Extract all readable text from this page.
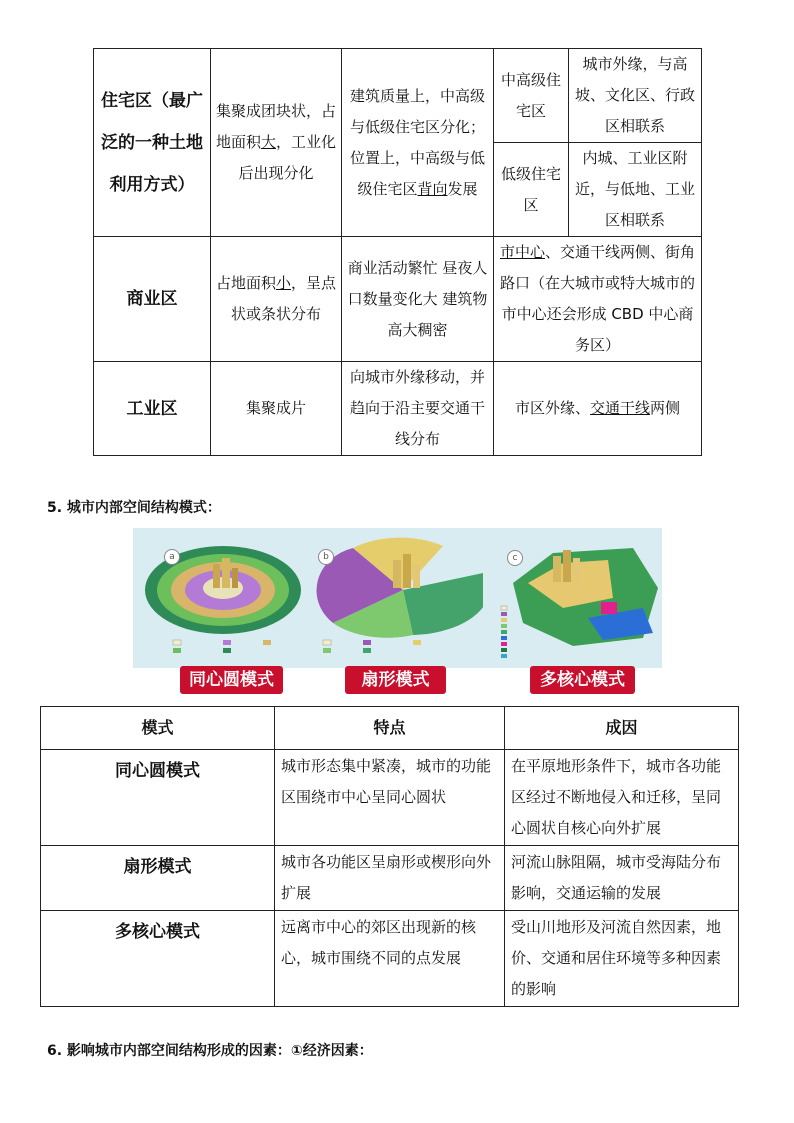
住宅区（最广泛的一种土地利用方式）	集聚成团块状，占地面积大，工业化后出现分化	建筑质量上，中高级与低级住宅区分化；位置上，中高级与低级住宅区背向发展	中高级住宅区	城市外缘，与高坡、文化区、行政区相联系
			低级住宅区	内城、工业区附近，与低地、工业区相联系
商业区	占地面积小，呈点状或条状分布	商业活动繁忙 昼夜人口数量变化大 建筑物高大稠密	市中心、交通干线两侧、街角路口（在大城市或特大城市的市中心还会形成 CBD 中心商务区）	
工业区	集聚成片	向城市外缘移动，并趋向于沿主要交通干线分布	市区外缘、交通干线两侧	
5. 城市内部空间结构模式：
a	b	c
同心圆模式	扇形模式	多核心模式
模式	特点	成因
同心圆模式	城市形态集中紧凑，城市的功能区围绕市中心呈同心圆状	在平原地形条件下，城市各功能区经过不断地侵入和迁移，呈同心圆状自核心向外扩展
扇形模式	城市各功能区呈扇形或楔形向外扩展	河流山脉阻隔，城市受海陆分布影响，交通运输的发展
多核心模式	远离市中心的郊区出现新的核心，城市围绕不同的点发展	受山川地形及河流自然因素，地价、交通和居住环境等多种因素的影响
6. 影响城市内部空间结构形成的因素：①经济因素：
